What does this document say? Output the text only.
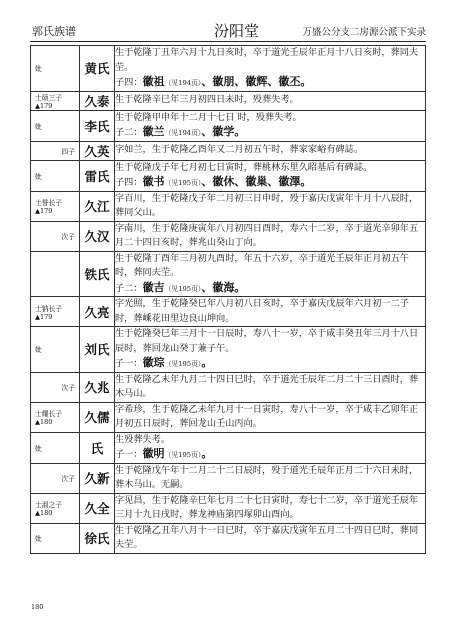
郭氏族谱	汾阳堂	万盛公分支二房源公派下实录
妣	黄氏	生于乾隆丁丑年六月十九日亥时，卒于道光壬辰年正月十八日亥时，葬同夫茔。
子四：徽祖（见194页）、徽朋、徽辉、徽丕。

士硕三子
▲179	久泰	生于乾隆辛巳年三月初四日未时，殁葬失考。

妣	李氏	生于乾隆甲申年十二月十七日 时，殁葬失考。
子二：徽兰（见194页）、徽学。

四子	久英	字如兰，生于乾隆乙酉年又二月初五午时，葬家家峪有碑誌。

妣	雷氏	生于乾隆戊子年七月初七日寅时，葬桃林东里久昭基后有碑誌。
子四：徽书（见195页）、徽休、徽巢、徽澤。

士誉长子
▲179	久江	字百川，生于乾隆戊子年二月初三日申时，殁于嘉庆戊寅年十月十八辰时，葬同父山。

次子	久汉	字南川，生于乾隆庚寅年八月初四日酉时，寿六十二岁，卒于道光辛卯年五月二十四日亥时，葬兆山癸山丁向。

	铁氏	生于乾隆丁酉年三月初九酉时，年五十六岁，卒于道光壬辰年正月初五午时，葬同夫茔。
子二：徽吉（见195页）、徽海。

士钠长子
▲179	久亮	字光照，生于乾隆癸巳年八月初八日亥时，卒于嘉庆戊辰年六月初一二子时，葬嵊花田里边良山坤向。

妣	刘氏	生于乾隆癸巳年三月十一日辰时，寿八十一岁，卒于咸丰癸丑年三月十八日辰时，葬回龙山癸丁兼子午。
子一：徽琮（见195页）。

次子	久兆	生于乾隆乙未年九月二十四日巳时，卒于道光壬辰年二月二十三日酉时，葬木马山。

士耀长子
▲180	久儒	字希珍，生于乾隆乙未年九月十一日寅时，寿八十一岁，卒于咸丰乙卯年正月初五日辰时，葬回龙山壬山丙向。

妣	氏	生殁葬失考。
子一：徽明（见195页）。

次子	久新	生于乾隆戊午年十二月二十二日辰时，殁于道光壬辰年正月二十六日未时，葬木马山。无嗣。

士淑之子
▲180	久全	字见昌，生于乾隆辛巳年七月二十七日寅时，寿七十二岁，卒于道光壬辰年三月十九日戌时，葬龙神庙第四塚卯山酉向。

妣	徐氏	生于乾隆乙丑年八月十一日巳时，卒于嘉庆戊寅年五月二十四日巳时，葬同夫茔。
180
